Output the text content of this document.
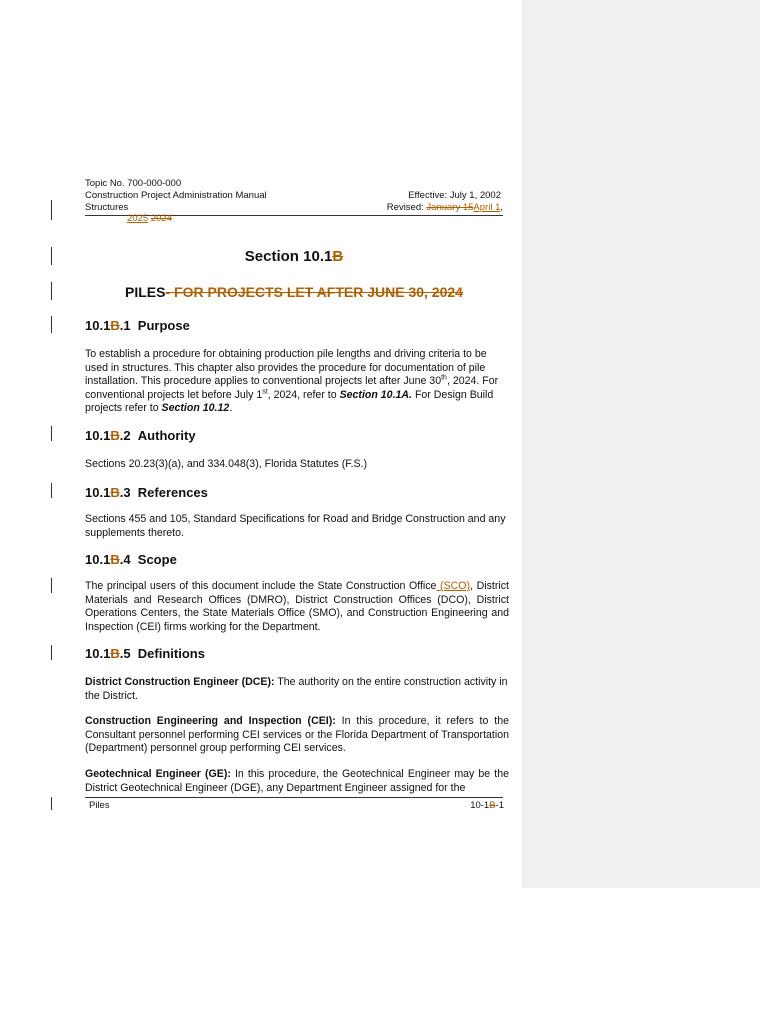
Topic No. 700-000-000
Construction Project Administration Manual
Structures
Effective: July 1, 2002
Revised: January 15April 1,
2025 2024
Section 10.1B
PILES- FOR PROJECTS LET AFTER JUNE 30, 2024
10.1B.1 Purpose
To establish a procedure for obtaining production pile lengths and driving criteria to be used in structures. This chapter also provides the procedure for documentation of pile installation. This procedure applies to conventional projects let after June 30th, 2024. For conventional projects let before July 1st, 2024, refer to Section 10.1A. For Design Build projects refer to Section 10.12.
10.1B.2 Authority
Sections 20.23(3)(a), and 334.048(3), Florida Statutes (F.S.)
10.1B.3 References
Sections 455 and 105, Standard Specifications for Road and Bridge Construction and any supplements thereto.
10.1B.4 Scope
The principal users of this document include the State Construction Office (SCO), District Materials and Research Offices (DMRO), District Construction Offices (DCO), District Operations Centers, the State Materials Office (SMO), and Construction Engineering and Inspection (CEI) firms working for the Department.
10.1B.5 Definitions
District Construction Engineer (DCE): The authority on the entire construction activity in the District.
Construction Engineering and Inspection (CEI): In this procedure, it refers to the Consultant personnel performing CEI services or the Florida Department of Transportation (Department) personnel group performing CEI services.
Geotechnical Engineer (GE): In this procedure, the Geotechnical Engineer may be the District Geotechnical Engineer (DGE), any Department Engineer assigned for the
Piles	10-1B-1
